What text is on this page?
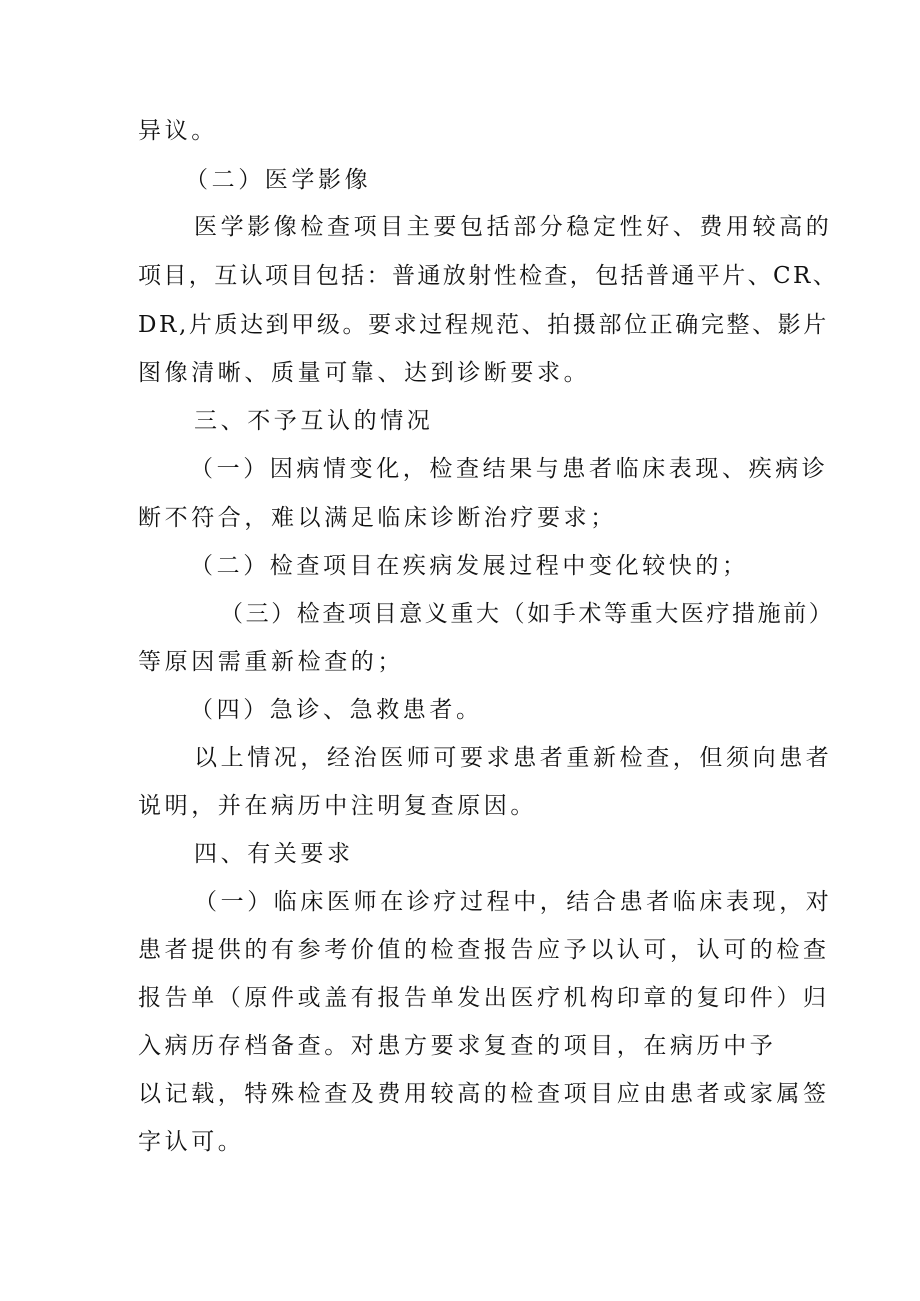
异议。

（二）医学影像

医学影像检查项目主要包括部分稳定性好、费用较高的

项目，互认项目包括：普通放射性检查，包括普通平片、CR、

DR,片质达到甲级。要求过程规范、拍摄部位正确完整、影片

图像清晰、质量可靠、达到诊断要求。

三、不予互认的情况

（一）因病情变化，检查结果与患者临床表现、疾病诊

断不符合，难以满足临床诊断治疗要求；

（二）检查项目在疾病发展过程中变化较快的；

（三）检查项目意义重大（如手术等重大医疗措施前）

等原因需重新检查的；

（四）急诊、急救患者。

以上情况，经治医师可要求患者重新检查，但须向患者

说明，并在病历中注明复查原因。

四、有关要求

（一）临床医师在诊疗过程中，结合患者临床表现，对

患者提供的有参考价值的检查报告应予以认可，认可的检查

报告单（原件或盖有报告单发出医疗机构印章的复印件）归

入病历存档备查。对患方要求复查的项目，在病历中予

以记载，特殊检查及费用较高的检查项目应由患者或家属签

字认可。
